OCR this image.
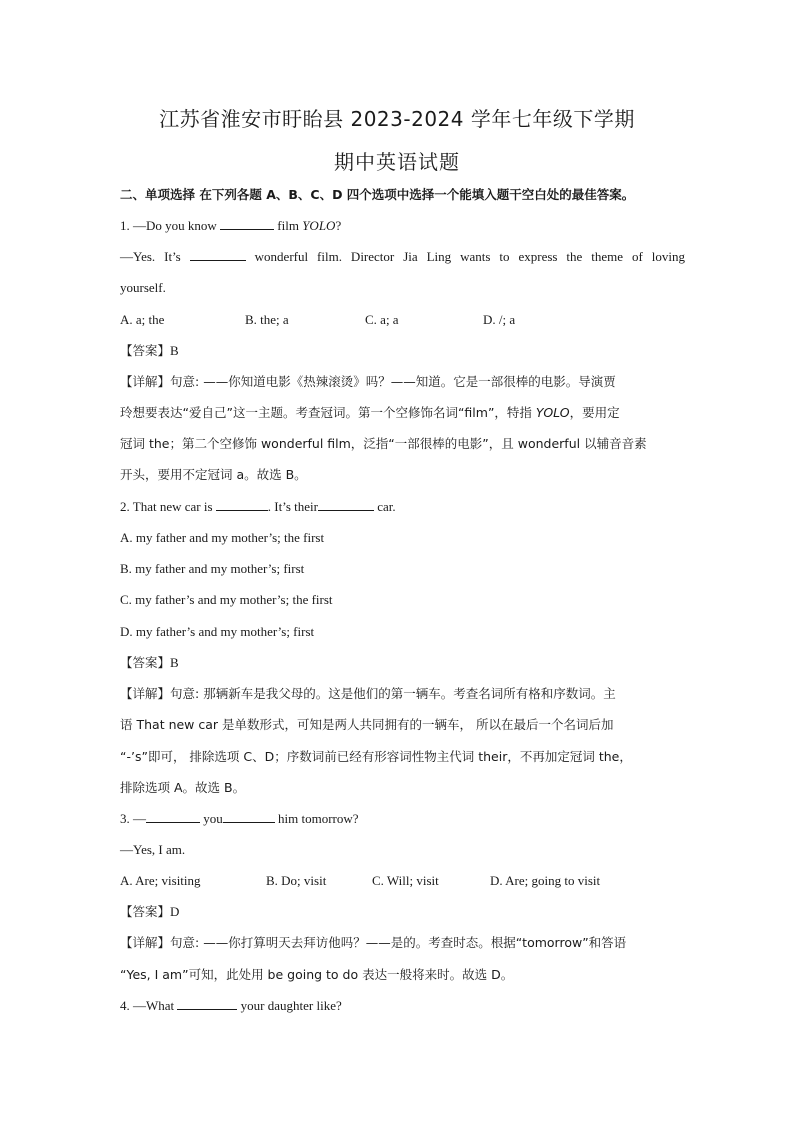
江苏省淮安市盱眙县 2023-2024 学年七年级下学期
期中英语试题
二、单项选择 在下列各题 A、B、C、D 四个选项中选择一个能填入题干空白处的最佳答案。
1. —Do you know	film YOLO?
—Yes. It’s	wonderful film. Director Jia Ling wants to express the theme of loving
yourself.
A. a; the	B. the; a	C. a; a	D. /; a
【答案】B
【详解】句意: ——你知道电影《热辣滚烫》吗？——知道。它是一部很棒的电影。导演贾
玲想要表达“爱自己”这一主题。考查冠词。第一个空修饰名词“film”，特指 YOLO，要用定
冠词 the；第二个空修饰 wonderful film，泛指“一部很棒的电影”，且 wonderful 以辅音音素
开头，要用不定冠词 a。故选 B。
2. That new car is	. It’s their	car.
A. my father and my mother’s; the first
B. my father and my mother’s; first
C. my father’s and my mother’s; the first
D. my father’s and my mother’s; first
【答案】B
【详解】句意: 那辆新车是我父母的。这是他们的第一辆车。考查名词所有格和序数词。主
语 That new car 是单数形式，可知是两人共同拥有的一辆车， 所以在最后一个名词后加
“-’s”即可， 排除选项 C、D；序数词前已经有形容词性物主代词 their，不再加定冠词 the，
排除选项 A。故选 B。
3. —	you	him tomorrow?
—Yes, I am.
A. Are; visiting	B. Do; visit	C. Will; visit	D. Are; going to visit
【答案】D
【详解】句意: ——你打算明天去拜访他吗？——是的。考查时态。根据“tomorrow”和答语
“Yes, I am”可知，此处用 be going to do 表达一般将来时。故选 D。
4. —What	your daughter like?
